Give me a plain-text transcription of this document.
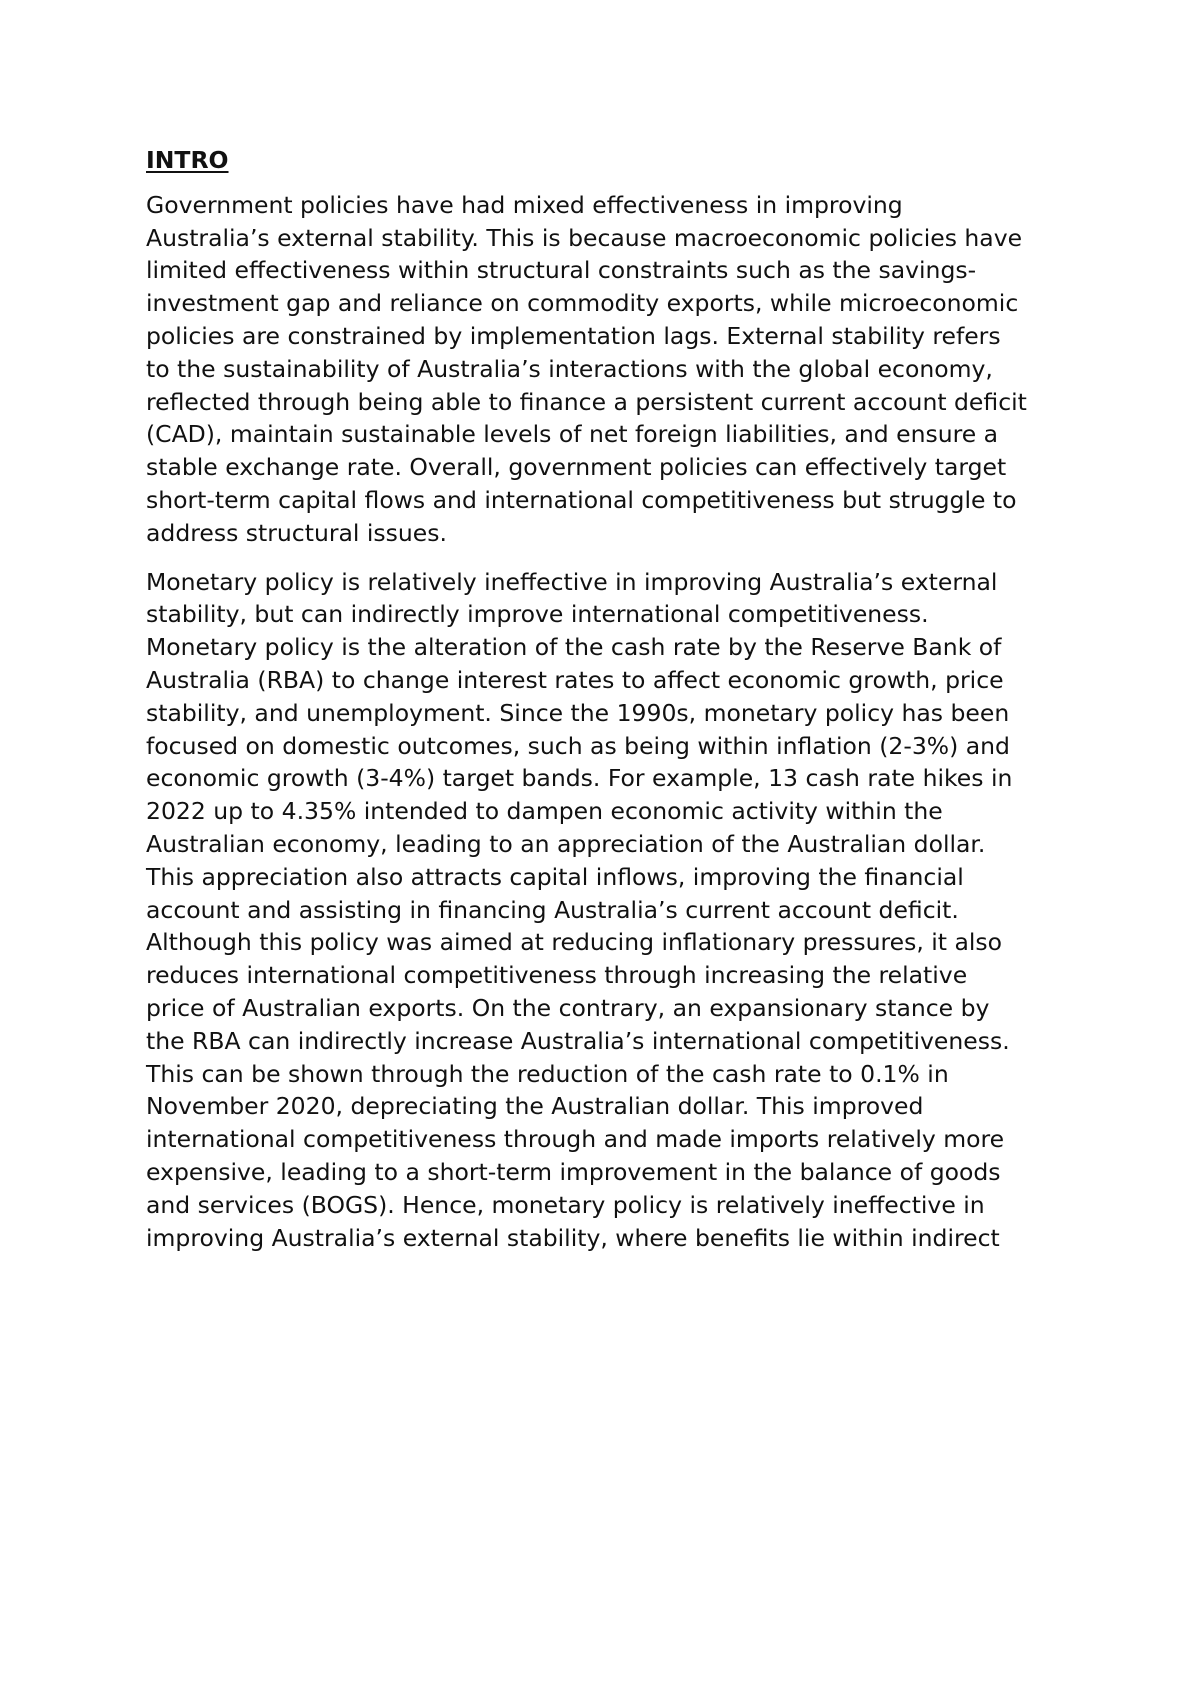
INTRO
Government policies have had mixed effectiveness in improving
Australia’s external stability. This is because macroeconomic policies have
limited effectiveness within structural constraints such as the savings-
investment gap and reliance on commodity exports, while microeconomic
policies are constrained by implementation lags. External stability refers
to the sustainability of Australia’s interactions with the global economy,
reflected through being able to finance a persistent current account deficit
(CAD), maintain sustainable levels of net foreign liabilities, and ensure a
stable exchange rate. Overall, government policies can effectively target
short-term capital flows and international competitiveness but struggle to
address structural issues.
Monetary policy is relatively ineffective in improving Australia’s external
stability, but can indirectly improve international competitiveness.
Monetary policy is the alteration of the cash rate by the Reserve Bank of
Australia (RBA) to change interest rates to affect economic growth, price
stability, and unemployment. Since the 1990s, monetary policy has been
focused on domestic outcomes, such as being within inflation (2-3%) and
economic growth (3-4%) target bands. For example, 13 cash rate hikes in
2022 up to 4.35% intended to dampen economic activity within the
Australian economy, leading to an appreciation of the Australian dollar.
This appreciation also attracts capital inflows, improving the financial
account and assisting in financing Australia’s current account deficit.
Although this policy was aimed at reducing inflationary pressures, it also
reduces international competitiveness through increasing the relative
price of Australian exports. On the contrary, an expansionary stance by
the RBA can indirectly increase Australia’s international competitiveness.
This can be shown through the reduction of the cash rate to 0.1% in
November 2020, depreciating the Australian dollar. This improved
international competitiveness through and made imports relatively more
expensive, leading to a short-term improvement in the balance of goods
and services (BOGS). Hence, monetary policy is relatively ineffective in
improving Australia’s external stability, where benefits lie within indirect
